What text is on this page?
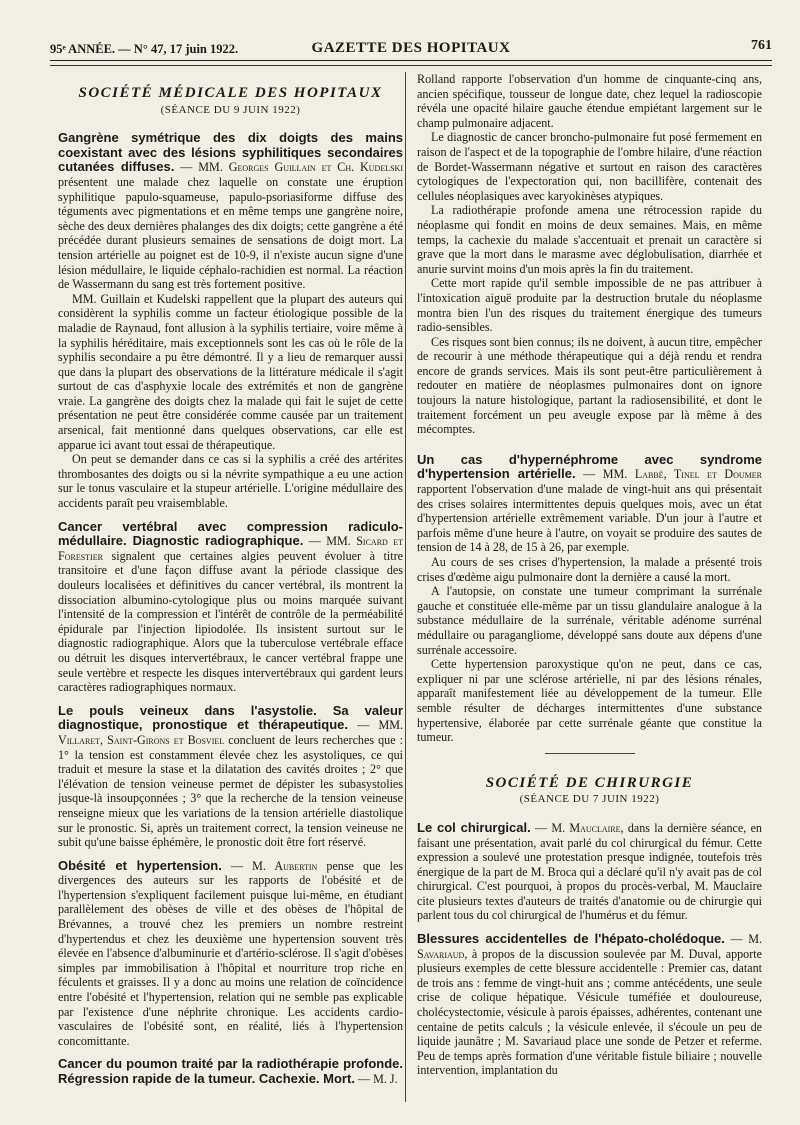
95ᵉ ANNÉE. — N° 47, 17 juin 1922.	GAZETTE DES HOPITAUX	761
SOCIÉTÉ MÉDICALE DES HOPITAUX
(SÉANCE DU 9 JUIN 1922)

Gangrène symétrique des dix doigts des mains coexistant avec des lésions syphilitiques secondaires cutanées diffuses. — MM. Georges Guillain et Ch. Kudelski présentent une malade chez laquelle on constate une éruption syphilitique papulo-squameuse, papulo-psoriasiforme diffuse des téguments avec pigmentations et en même temps une gangrène noire, sèche des deux dernières phalanges des dix doigts; cette gangrène a été précédée durant plusieurs semaines de sensations de doigt mort. La tension artérielle au poignet est de 10-9, il n'existe aucun signe d'une lésion médullaire, le liquide céphalo-rachidien est normal. La réaction de Wassermann du sang est très fortement positive.

MM. Guillain et Kudelski rappellent que la plupart des auteurs qui considèrent la syphilis comme un facteur étiologique possible de la maladie de Raynaud, font allusion à la syphilis tertiaire, voire même à la syphilis héréditaire, mais exceptionnels sont les cas où le rôle de la syphilis secondaire a pu être démontré. Il y a lieu de remarquer aussi que dans la plupart des observations de la littérature médicale il s'agit surtout de cas d'asphyxie locale des extrémités et non de gangrène vraie. La gangrène des doigts chez la malade qui fait le sujet de cette présentation ne peut être considérée comme causée par un traitement arsenical, fait mentionné dans quelques observations, car elle est apparue ici avant tout essai de thérapeutique.

On peut se demander dans ce cas si la syphilis a créé des artérites thrombosantes des doigts ou si la névrite sympathique a eu une action sur le tonus vasculaire et la stupeur artérielle. L'origine médullaire des accidents paraît peu vraisemblable.

Cancer vertébral avec compression radiculo-médullaire. Diagnostic radiographique. — MM. Sicard et Forestier signalent que certaines algies peuvent évoluer à titre transitoire et d'une façon diffuse avant la période classique des douleurs localisées et définitives du cancer vertébral, ils montrent la dissociation albumino-cytologique plus ou moins marquée suivant l'intensité de la compression et l'intérêt de contrôle de la perméabilité épidurale par l'injection lipiodolée. Ils insistent surtout sur le diagnostic radiographique. Alors que la tuberculose vertébrale efface ou détruit les disques intervertébraux, le cancer vertébral frappe une seule vertèbre et respecte les disques intervertébraux qui gardent leurs caractères radiographiques normaux.

Le pouls veineux dans l'asystolie. Sa valeur diagnostique, pronostique et thérapeutique. — MM. Villaret, Saint-Girons et Bosviel concluent de leurs recherches que : 1° la tension est constamment élevée chez les asystoliques, ce qui traduit et mesure la stase et la dilatation des cavités droites ; 2° que l'élévation de tension veineuse permet de dépister les subasystolies jusque-là insoupçonnées ; 3° que la recherche de la tension veineuse renseigne mieux que les variations de la tension artérielle diastolique sur le pronostic. Si, après un traitement correct, la tension veineuse ne subit qu'une baisse éphémère, le pronostic doit être fort réservé.

Obésité et hypertension. — M. Aubertin pense que les divergences des auteurs sur les rapports de l'obésité et de l'hypertension s'expliquent facilement puisque lui-même, en étudiant parallèlement des obèses de ville et des obèses de l'hôpital de Brévannes, a trouvé chez les premiers un nombre restreint d'hypertendus et chez les deuxième une hypertension souvent très élevée en l'absence d'albuminurie et d'artério-sclérose. Il s'agit d'obèses simples par immobilisation à l'hôpital et nourriture trop riche en féculents et graisses. Il y a donc au moins une relation de coïncidence entre l'obésité et l'hypertension, relation qui ne semble pas explicable par l'existence d'une néphrite chronique. Les accidents cardio-vasculaires de l'obésité sont, en réalité, liés à l'hypertension concomittante.

Cancer du poumon traité par la radiothérapie profonde. Régression rapide de la tumeur. Cachexie. Mort. — M. J.

Rolland rapporte l'observation d'un homme de cinquante-cinq ans, ancien spécifique, tousseur de longue date, chez lequel la radioscopie révéla une opacité hilaire gauche étendue empiétant largement sur le champ pulmonaire adjacent.

Le diagnostic de cancer broncho-pulmonaire fut posé fermement en raison de l'aspect et de la topographie de l'ombre hilaire, d'une réaction de Bordet-Wassermann négative et surtout en raison des caractères cytologiques de l'expectoration qui, non bacillifère, contenait des cellules néoplasiques avec karyokinèses atypiques.

La radiothérapie profonde amena une rétrocession rapide du néoplasme qui fondit en moins de deux semaines. Mais, en même temps, la cachexie du malade s'accentuait et prenait un caractère si grave que la mort dans le marasme avec déglobulisation, diarrhée et anurie survint moins d'un mois après la fin du traitement.

Cette mort rapide qu'il semble impossible de ne pas attribuer à l'intoxication aiguë produite par la destruction brutale du néoplasme montra bien l'un des risques du traitement énergique des tumeurs radio-sensibles.

Ces risques sont bien connus; ils ne doivent, à aucun titre, empêcher de recourir à une méthode thérapeutique qui a déjà rendu et rendra encore de grands services. Mais ils sont peut-être particulièrement à redouter en matière de néoplasmes pulmonaires dont on ignore toujours la nature histologique, partant la radiosensibilité, et dont le traitement forcément un peu aveugle expose par là même à des mécomptes.

Un cas d'hypernéphrome avec syndrome d'hypertension artérielle. — MM. Labbé, Tinel et Doumer rapportent l'observation d'une malade de vingt-huit ans qui présentait des crises solaires intermittentes depuis quelques mois, avec un état d'hypertension artérielle extrêmement variable. D'un jour à l'autre et parfois même d'une heure à l'autre, on voyait se produire des sautes de tension de 14 à 28, de 15 à 26, par exemple.

Au cours de ses crises d'hypertension, la malade a présenté trois crises d'œdème aigu pulmonaire dont la dernière a causé la mort.

A l'autopsie, on constate une tumeur comprimant la surrénale gauche et constituée elle-même par un tissu glandulaire analogue à la substance médullaire de la surrénale, véritable adénome surrénal médullaire ou paragangliome, développé sans doute aux dépens d'une surrénale accessoire.

Cette hypertension paroxystique qu'on ne peut, dans ce cas, expliquer ni par une sclérose artérielle, ni par des lésions rénales, apparaît manifestement liée au développement de la tumeur. Elle semble résulter de décharges intermittentes d'une substance hypertensive, élaborée par cette surrénale géante que constitue la tumeur.

SOCIÉTÉ DE CHIRURGIE
(SÉANCE DU 7 JUIN 1922)

Le col chirurgical. — M. Mauclaire, dans la dernière séance, en faisant une présentation, avait parlé du col chirurgical du fémur. Cette expression a soulevé une protestation presque indignée, toutefois très énergique de la part de M. Broca qui a déclaré qu'il n'y avait pas de col chirurgical. C'est pourquoi, à propos du procès-verbal, M. Mauclaire cite plusieurs textes d'auteurs de traités d'anatomie ou de chirurgie qui parlent tous du col chirurgical de l'humérus et du fémur.

Blessures accidentelles de l'hépato-cholédoque. — M. Savariaud, à propos de la discussion soulevée par M. Duval, apporte plusieurs exemples de cette blessure accidentelle : Premier cas, datant de trois ans : femme de vingt-huit ans ; comme antécédents, une seule crise de colique hépatique. Vésicule tuméfiée et douloureuse, cholécystectomie, vésicule à parois épaisses, adhérentes, contenant une centaine de petits calculs ; la vésicule enlevée, il s'écoule un peu de liquide jaunâtre ; M. Savariaud place une sonde de Petzer et referme. Peu de temps après formation d'une véritable fistule biliaire ; nouvelle intervention, implantation du
